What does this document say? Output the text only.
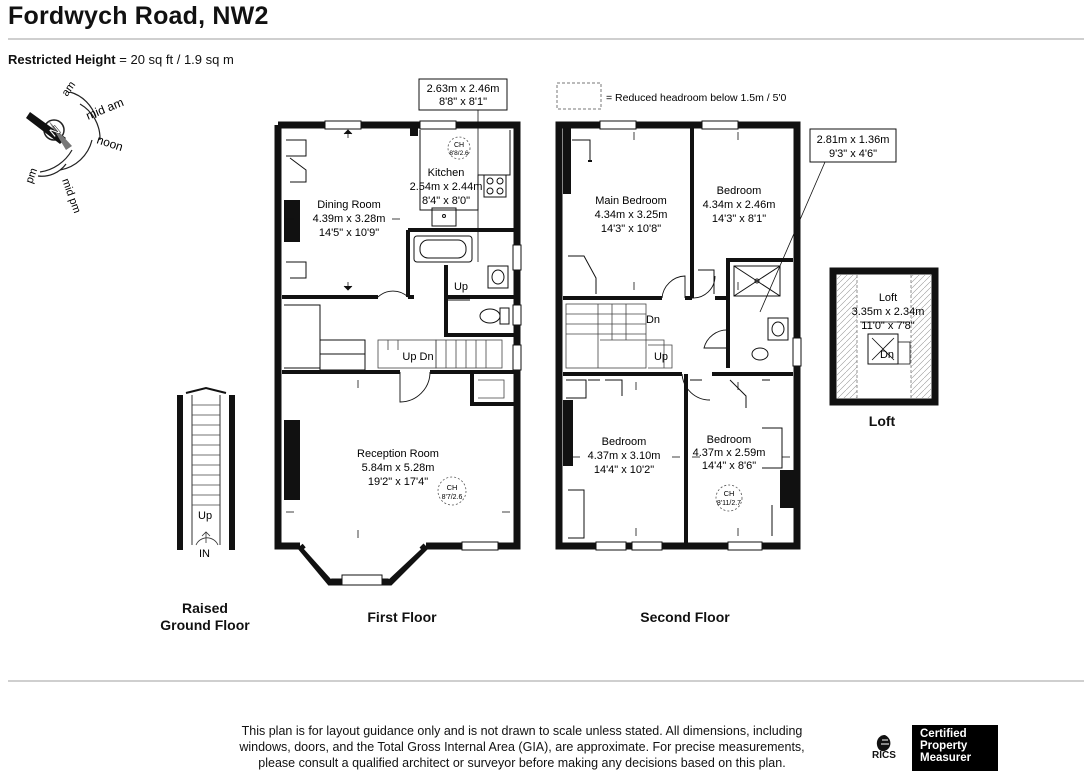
Fordwych Road, NW2
Restricted Height = 20 sq ft / 1.9 sq m
N
am
mid am
noon
mid pm
pm
Up
IN
CH
8'8/2.6
CH
8'7/2.6
Dining Room
4.39m x 3.28m
14'5" x 10'9"
Kitchen
2.54m x 2.44m
8'4" x 8'0"
Reception Room
5.84m x 5.28m
19'2" x 17'4"
Up
Up Dn
2.63m x 2.46m
8'8" x 8'1"
CH
8'11/2.7
Main Bedroom
4.34m x 3.25m
14'3" x 10'8"
Bedroom
4.34m x 2.46m
14'3" x 8'1"
Bedroom
4.37m x 3.10m
14'4" x 10'2"
Bedroom
4.37m x 2.59m
14'4" x 8'6"
Dn
Up
2.81m x 1.36m
9'3" x 4'6"
= Reduced headroom below 1.5m / 5'0
Loft
3.35m x 2.34m
11'0" x 7'8"
Dn
Raised
Ground Floor	First Floor	Second Floor
Loft
This plan is for layout guidance only and is not drawn to scale unless stated. All dimensions, including
windows, doors, and the Total Gross Internal Area (GIA), are approximate. For precise measurements,
please consult a qualified architect or surveyor before making any decisions based on this plan.
RICS
Certified
Property
Measurer
